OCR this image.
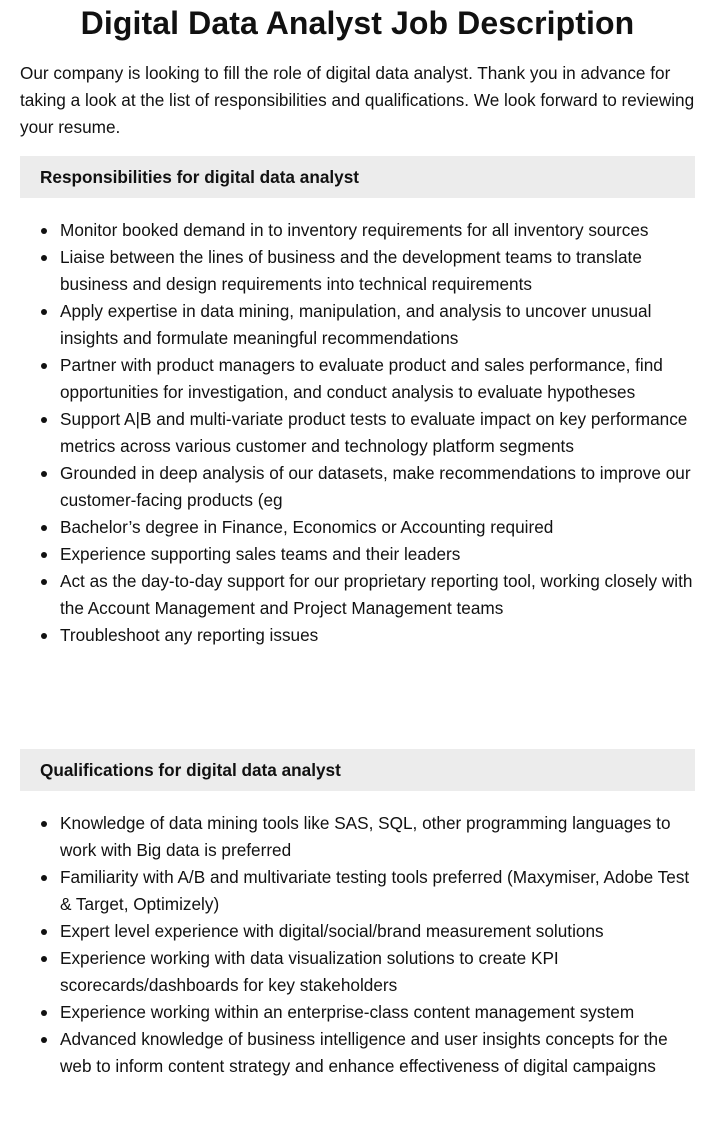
Digital Data Analyst Job Description

Our company is looking to fill the role of digital data analyst. Thank you in advance for taking a look at the list of responsibilities and qualifications. We look forward to reviewing your resume.

Responsibilities for digital data analyst
Monitor booked demand in to inventory requirements for all inventory sources
Liaise between the lines of business and the development teams to translate business and design requirements into technical requirements
Apply expertise in data mining, manipulation, and analysis to uncover unusual insights and formulate meaningful recommendations
Partner with product managers to evaluate product and sales performance, find opportunities for investigation, and conduct analysis to evaluate hypotheses
Support A|B and multi-variate product tests to evaluate impact on key performance metrics across various customer and technology platform segments
Grounded in deep analysis of our datasets, make recommendations to improve our customer-facing products (eg
Bachelor’s degree in Finance, Economics or Accounting required
Experience supporting sales teams and their leaders
Act as the day-to-day support for our proprietary reporting tool, working closely with the Account Management and Project Management teams
Troubleshoot any reporting issues
Qualifications for digital data analyst
Knowledge of data mining tools like SAS, SQL, other programming languages to work with Big data is preferred
Familiarity with A/B and multivariate testing tools preferred (Maxymiser, Adobe Test & Target, Optimizely)
Expert level experience with digital/social/brand measurement solutions
Experience working with data visualization solutions to create KPI scorecards/dashboards for key stakeholders
Experience working within an enterprise-class content management system
Advanced knowledge of business intelligence and user insights concepts for the web to inform content strategy and enhance effectiveness of digital campaigns
